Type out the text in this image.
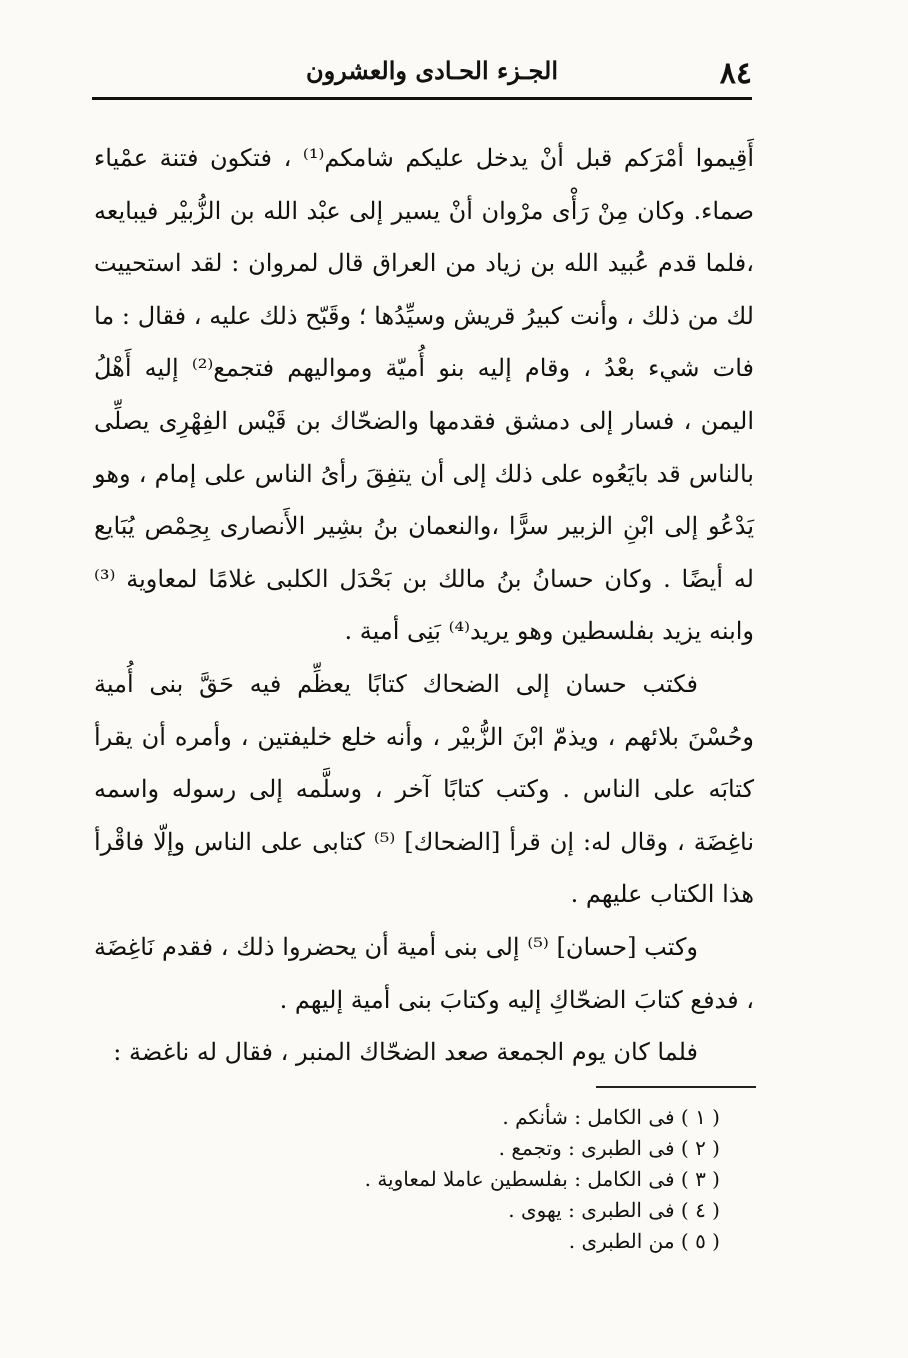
٨٤
الجـزء الحـادى والعشرون

أَقِيموا أمْرَكم قبل أنْ يدخل عليكم شامكم⁽¹⁾ ، فتكون فتنة عمْياء صماء. وكان مِنْ رَأْى مرْوان أنْ يسير إلى عبْد الله بن الزُّبيْر فيبايعه ،فلما قدم عُبيد الله بن زياد من العراق قال لمروان : لقد استحييت لك من ذلك ، وأنت كبيرُ قريش وسيِّدُها ؛ وقَبّح ذلك عليه ، فقال : ما فات شيء بعْدُ ، وقام إليه بنو أُميّة ومواليهم فتجمع⁽²⁾ إليه أَهْلُ اليمن ، فسار إلى دمشق فقدمها والضحّاك بن قَيْس الفِهْرِى يصلِّى بالناس قد بايَعُوه على ذلك إلى أن يتفِقَ رأىُ الناس على إمام ، وهو يَدْعُو إلى ابْنِ الزبير سرًّا ،والنعمان بنُ بشِير الأَنصارى بِحِمْص يُبَايع له أيضًا . وكان حسانُ بنُ مالك بن بَحْدَل الكلبى غلامًا لمعاوية ⁽³⁾ وابنه يزيد بفلسطين وهو يريد⁽⁴⁾ بَنِى أمية .

فكتب حسان إلى الضحاك كتابًا يعظِّم فيه حَقَّ بنى أُمية وحُسْنَ بلائهم ، ويذمّ ابْنَ الزُّبيْر ، وأنه خلع خليفتين ، وأمره أن يقرأ كتابَه على الناس . وكتب كتابًا آخر ، وسلَّمه إلى رسوله واسمه ناغِضَة ، وقال له: إن قرأ [الضحاك] ⁽⁵⁾ كتابى على الناس وإلّا فاقْرأ هذا الكتاب عليهم .

وكتب [حسان] ⁽⁵⁾ إلى بنى أمية أن يحضروا ذلك ، فقدم نَاغِضَة ، فدفع كتابَ الضحّاكِ إليه وكتابَ بنى أمية إليهم .

فلما كان يوم الجمعة صعد الضحّاك المنبر ، فقال له ناغضة :

( ١ ) فى الكامل : شأنكم .
( ٢ ) فى الطبرى : وتجمع .
( ٣ ) فى الكامل : بفلسطين عاملا لمعاوية .
( ٤ ) فى الطبرى : يهوى .
( ٥ ) من الطبرى .
